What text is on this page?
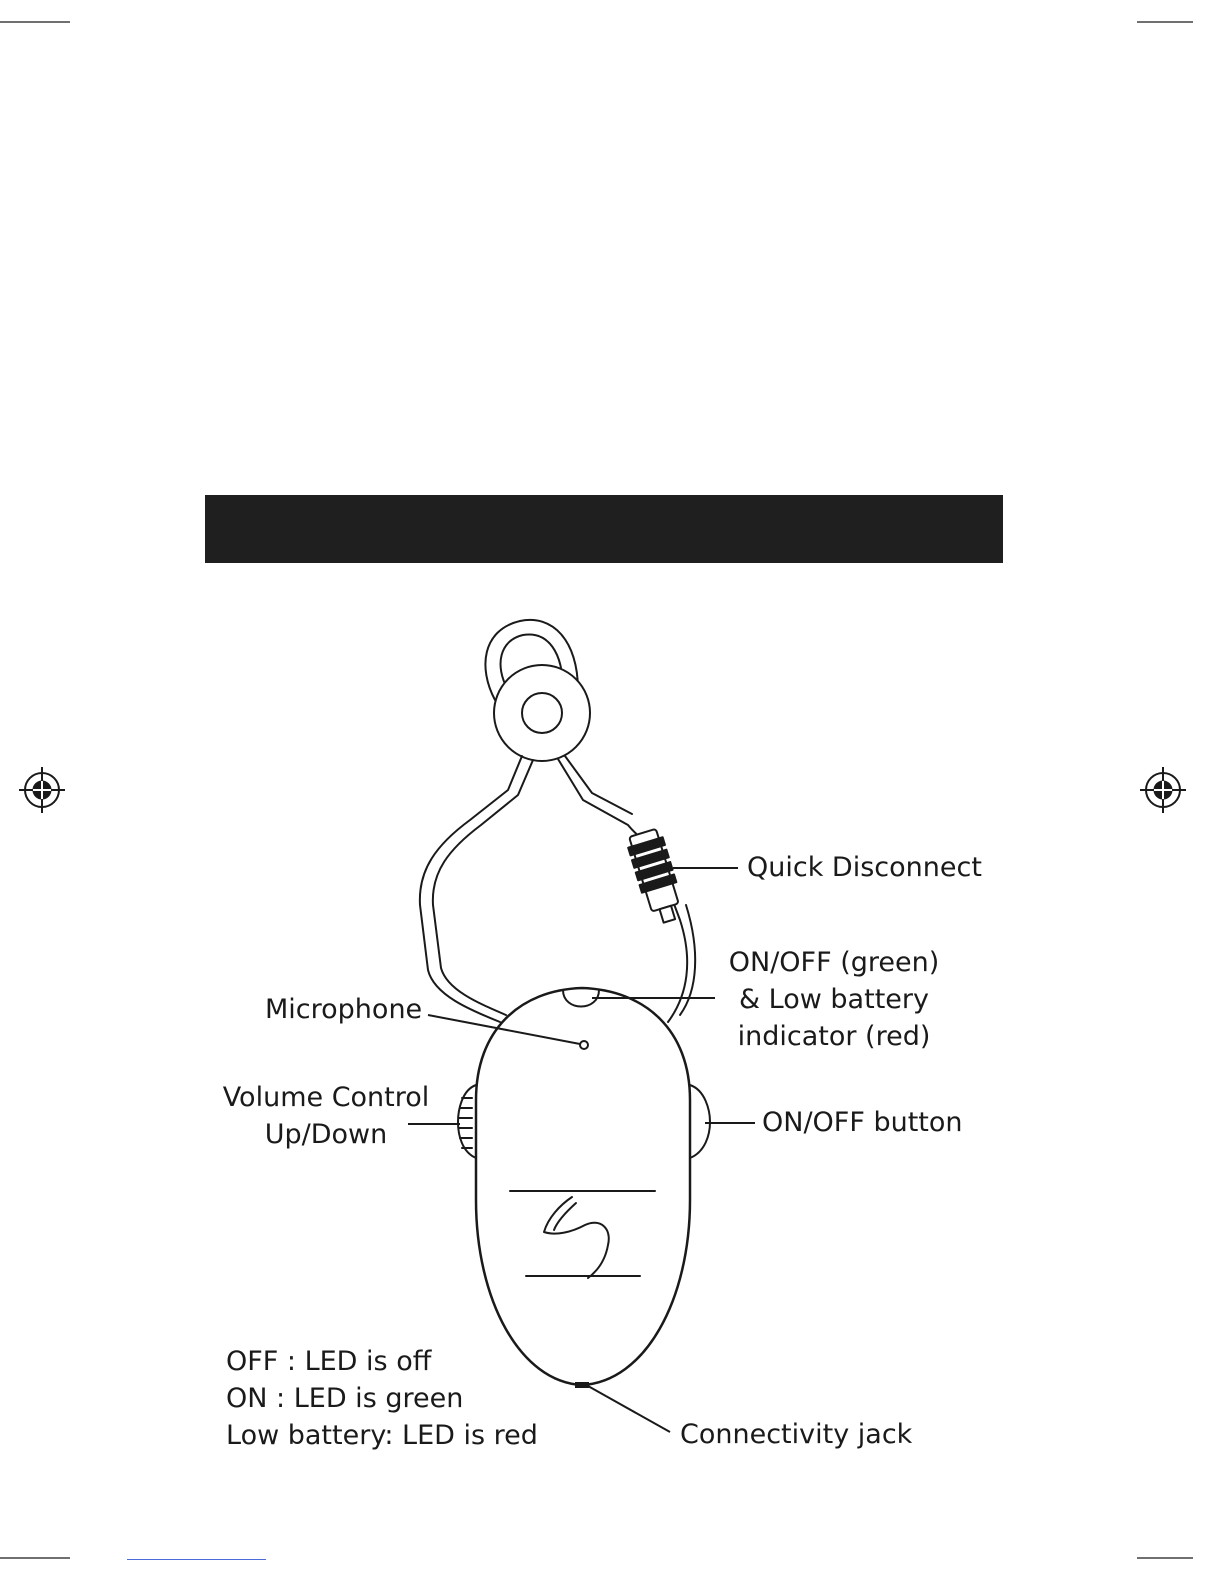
Quick Disconnect
ON/OFF (green)
& Low battery
indicator (red)
Microphone
Volume Control
Up/Down	ON/OFF button
Connectivity jack
OFF : LED is off
ON : LED is green
Low battery: LED is red
